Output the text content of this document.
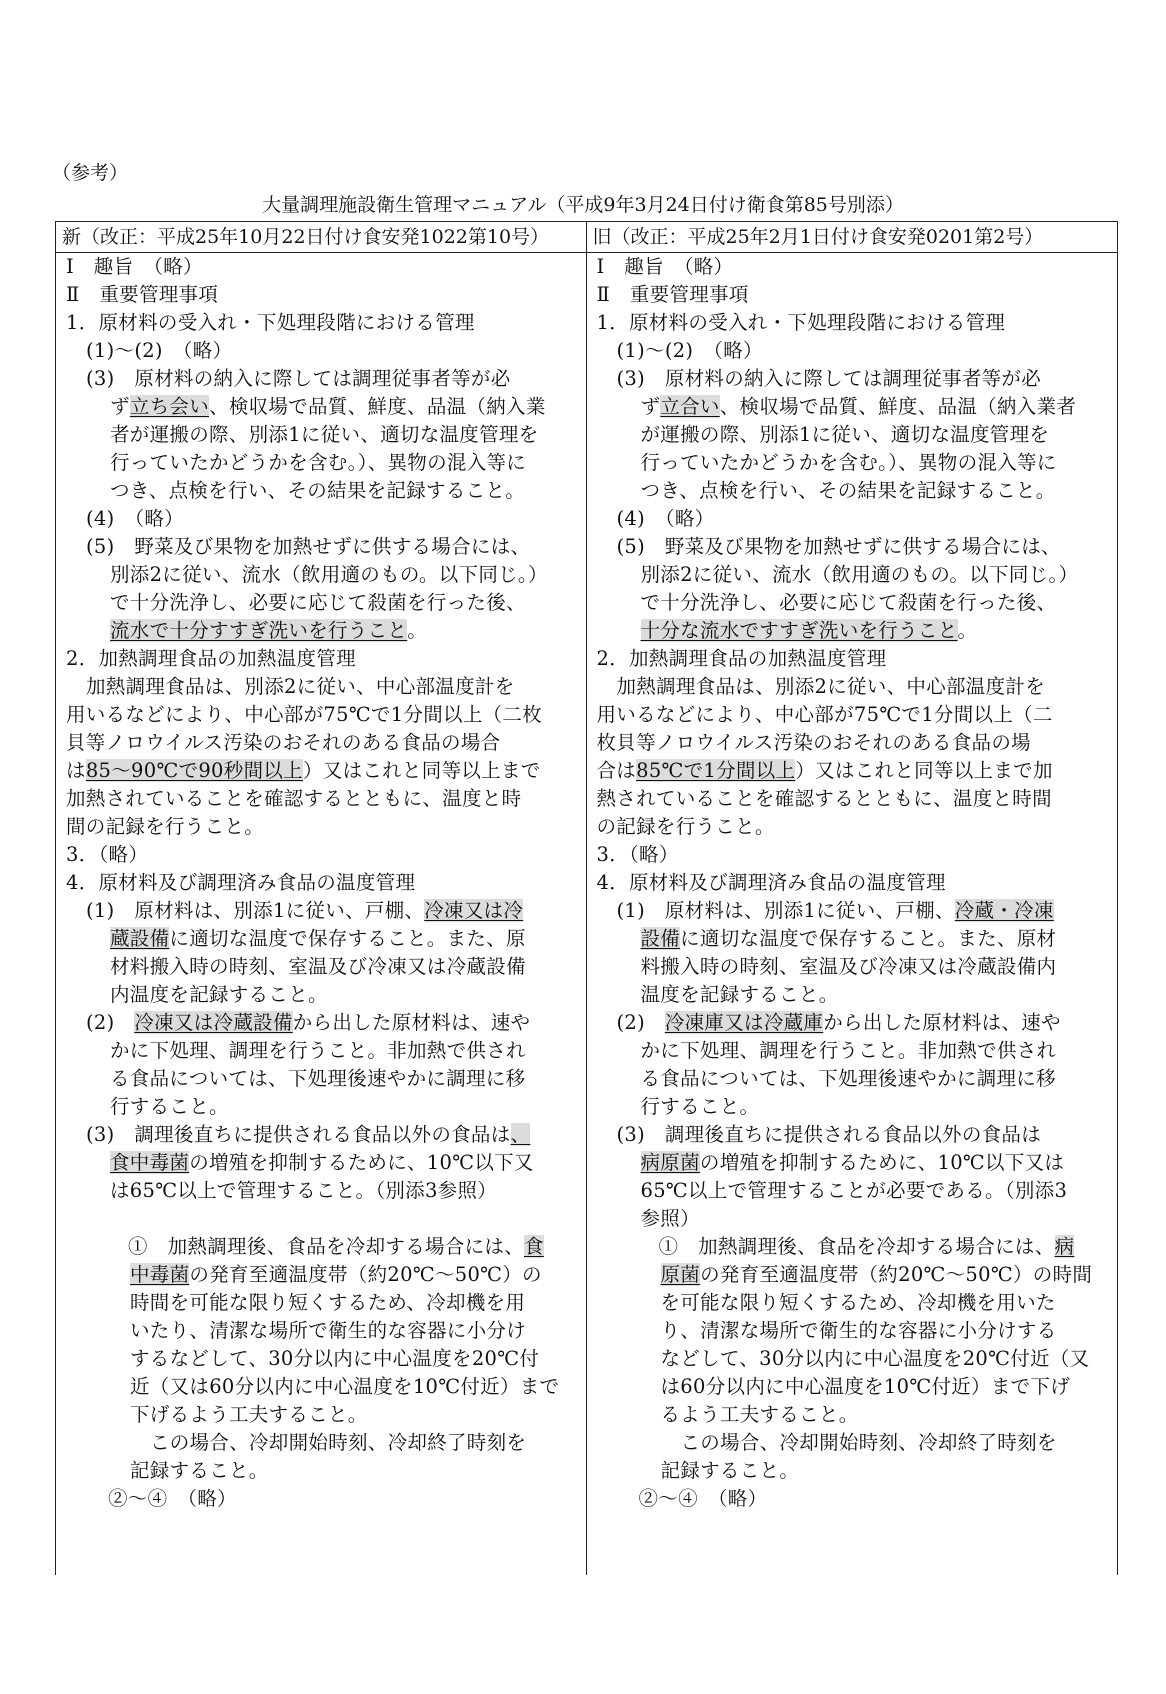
（参考）
大量調理施設衛生管理マニュアル（平成9年3月24日付け衛食第85号別添）
新（改正：平成25年10月22日付け食安発1022第10号）	旧（改正：平成25年2月1日付け食安発0201第2号）
Ⅰ　趣旨　（略）
Ⅱ　重要管理事項
1．原材料の受入れ・下処理段階における管理
(1)～(2)　（略）
(3)　原材料の納入に際しては調理従事者等が必
ず立ち会い、検収場で品質、鮮度、品温（納入業
者が運搬の際、別添1に従い、適切な温度管理を
行っていたかどうかを含む。）、異物の混入等に
つき、点検を行い、その結果を記録すること。
(4)　（略）
(5)　野菜及び果物を加熱せずに供する場合には、
別添2に従い、流水（飲用適のもの。以下同じ。）
で十分洗浄し、必要に応じて殺菌を行った後、
流水で十分すすぎ洗いを行うこと。
2．加熱調理食品の加熱温度管理
加熱調理食品は、別添2に従い、中心部温度計を
用いるなどにより、中心部が75℃で1分間以上（二枚
貝等ノロウイルス汚染のおそれのある食品の場合
は85～90℃で90秒間以上）又はこれと同等以上まで
加熱されていることを確認するとともに、温度と時
間の記録を行うこと。
3．（略）
4．原材料及び調理済み食品の温度管理
(1)　原材料は、別添1に従い、戸棚、冷凍又は冷
蔵設備に適切な温度で保存すること。また、原
材料搬入時の時刻、室温及び冷凍又は冷蔵設備
内温度を記録すること。
(2)　冷凍又は冷蔵設備から出した原材料は、速や
かに下処理、調理を行うこと。非加熱で供され
る食品については、下処理後速やかに調理に移
行すること。
(3)　調理後直ちに提供される食品以外の食品は、
食中毒菌の増殖を抑制するために、10℃以下又
は65℃以上で管理すること。（別添3参照）
①　加熱調理後、食品を冷却する場合には、食
中毒菌の発育至適温度帯（約20℃～50℃）の
時間を可能な限り短くするため、冷却機を用
いたり、清潔な場所で衛生的な容器に小分け
するなどして、30分以内に中心温度を20℃付
近（又は60分以内に中心温度を10℃付近）まで
下げるよう工夫すること。
この場合、冷却開始時刻、冷却終了時刻を
記録すること。
②～④　（略）
Ⅰ　趣旨　（略）
Ⅱ　重要管理事項
1．原材料の受入れ・下処理段階における管理
(1)～(2)　（略）
(3)　原材料の納入に際しては調理従事者等が必
ず立合い、検収場で品質、鮮度、品温（納入業者
が運搬の際、別添1に従い、適切な温度管理を
行っていたかどうかを含む。）、異物の混入等に
つき、点検を行い、その結果を記録すること。
(4)　（略）
(5)　野菜及び果物を加熱せずに供する場合には、
別添2に従い、流水（飲用適のもの。以下同じ。）
で十分洗浄し、必要に応じて殺菌を行った後、
十分な流水ですすぎ洗いを行うこと。
2．加熱調理食品の加熱温度管理
加熱調理食品は、別添2に従い、中心部温度計を
用いるなどにより、中心部が75℃で1分間以上（二
枚貝等ノロウイルス汚染のおそれのある食品の場
合は85℃で1分間以上）又はこれと同等以上まで加
熱されていることを確認するとともに、温度と時間
の記録を行うこと。
3．（略）
4．原材料及び調理済み食品の温度管理
(1)　原材料は、別添1に従い、戸棚、冷蔵・冷凍
設備に適切な温度で保存すること。また、原材
料搬入時の時刻、室温及び冷凍又は冷蔵設備内
温度を記録すること。
(2)　冷凍庫又は冷蔵庫から出した原材料は、速や
かに下処理、調理を行うこと。非加熱で供され
る食品については、下処理後速やかに調理に移
行すること。
(3)　調理後直ちに提供される食品以外の食品は
病原菌の増殖を抑制するために、10℃以下又は
65℃以上で管理することが必要である。（別添3
参照）
①　加熱調理後、食品を冷却する場合には、病
原菌の発育至適温度帯（約20℃～50℃）の時間
を可能な限り短くするため、冷却機を用いた
り、清潔な場所で衛生的な容器に小分けする
などして、30分以内に中心温度を20℃付近（又
は60分以内に中心温度を10℃付近）まで下げ
るよう工夫すること。
この場合、冷却開始時刻、冷却終了時刻を
記録すること。
②～④　（略）
